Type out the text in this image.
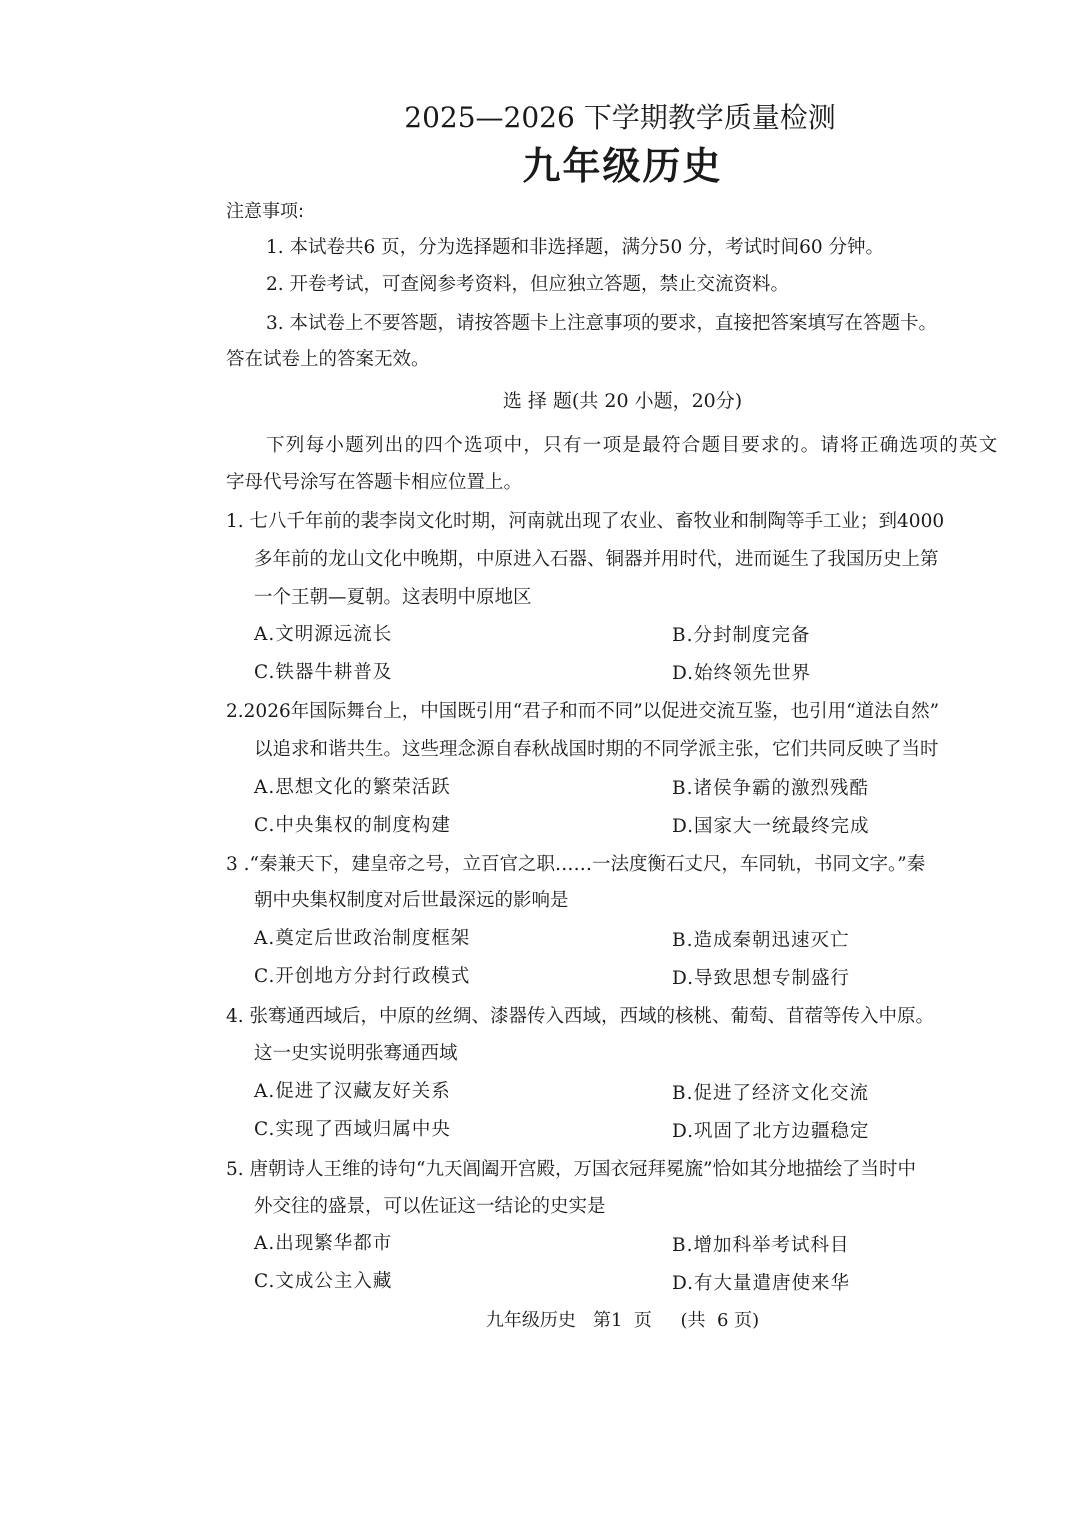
2025—2026 下学期教学质量检测
九年级历史
注意事项:
1. 本试卷共6 页，分为选择题和非选择题，满分50 分，考试时间60 分钟。
2. 开卷考试，可查阅参考资料，但应独立答题，禁止交流资料。
3. 本试卷上不要答题，请按答题卡上注意事项的要求，直接把答案填写在答题卡。
答在试卷上的答案无效。
选 择 题(共 20 小题，20分)
下列每小题列出的四个选项中，只有一项是最符合题目要求的。请将正确选项的英文
字母代号涂写在答题卡相应位置上。
1. 七八千年前的裴李岗文化时期，河南就出现了农业、畜牧业和制陶等手工业；到4000
多年前的龙山文化中晚期，中原进入石器、铜器并用时代，进而诞生了我国历史上第
一个王朝—夏朝。这表明中原地区
A.文明源远流长	B.分封制度完备
C.铁器牛耕普及	D.始终领先世界
2.2026年国际舞台上，中国既引用“君子和而不同”以促进交流互鉴，也引用“道法自然”
以追求和谐共生。这些理念源自春秋战国时期的不同学派主张，它们共同反映了当时
A.思想文化的繁荣活跃	B.诸侯争霸的激烈残酷
C.中央集权的制度构建	D.国家大一统最终完成
3 .“秦兼天下，建皇帝之号，立百官之职……一法度衡石丈尺，车同轨，书同文字。”秦
朝中央集权制度对后世最深远的影响是
A.奠定后世政治制度框架	B.造成秦朝迅速灭亡
C.开创地方分封行政模式	D.导致思想专制盛行
4. 张骞通西域后，中原的丝绸、漆器传入西域，西域的核桃、葡萄、苜蓿等传入中原。
这一史实说明张骞通西域
A.促进了汉藏友好关系	B.促进了经济文化交流
C.实现了西域归属中央	D.巩固了北方边疆稳定
5. 唐朝诗人王维的诗句“九天阊阖开宫殿，万国衣冠拜冕旒”恰如其分地描绘了当时中
外交往的盛景，可以佐证这一结论的史实是
A.出现繁华都市	B.增加科举考试科目
C.文成公主入藏	D.有大量遣唐使来华
九年级历史   第1  页     (共  6 页)
